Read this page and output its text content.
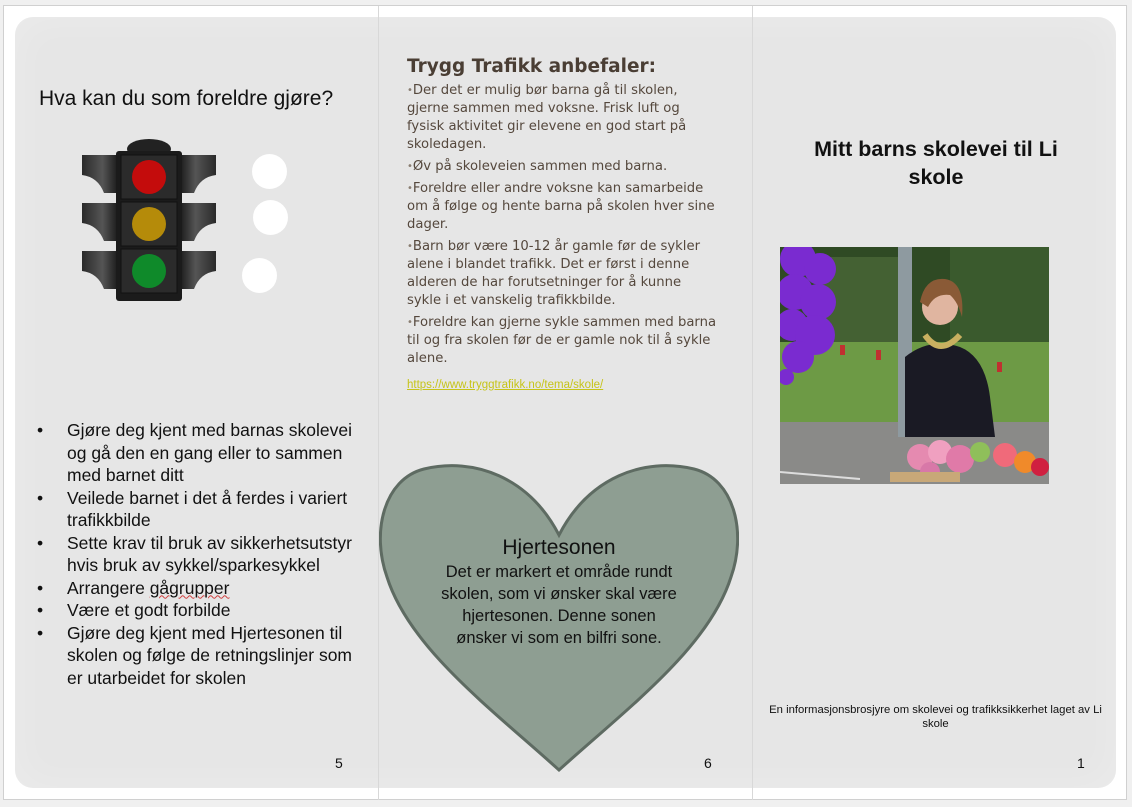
Hva kan du som foreldre gjøre?
• Gjøre deg kjent med barnas skolevei og gå den en gang eller to sammen med barnet ditt
• Veilede barnet i det å ferdes i variert trafikkbilde
• Sette krav til bruk av sikkerhetsutstyr hvis bruk av sykkel/sparkesykkel
• Arrangere gågrupper
• Være et godt forbilde
• Gjøre deg kjent med Hjertesonen til skolen og følge de retningslinjer som er utarbeidet for skolen
5
Trygg Trafikk anbefaler:
•Der det er mulig bør barna gå til skolen, gjerne sammen med voksne. Frisk luft og fysisk aktivitet gir elevene en god start på skoledagen.
•Øv på skoleveien sammen med barna.
•Foreldre eller andre voksne kan samarbeide om å følge og hente barna på skolen hver sine dager.
•Barn bør være 10-12 år gamle før de sykler alene i blandet trafikk. Det er først i denne alderen de har forutsetninger for å kunne sykle i et vanskelig trafikkbilde.
•Foreldre kan gjerne sykle sammen med barna til og fra skolen før de er gamle nok til å sykle alene.
https://www.tryggtrafikk.no/tema/skole/
Hjertesonen
Det er markert et område rundt skolen, som vi ønsker skal være hjertesonen. Denne sonen ønsker vi som en bilfri sone.
6
Mitt barns skolevei til Li skole
En informasjonsbrosjyre om skolevei og trafikksikkerhet laget av Li skole
1
